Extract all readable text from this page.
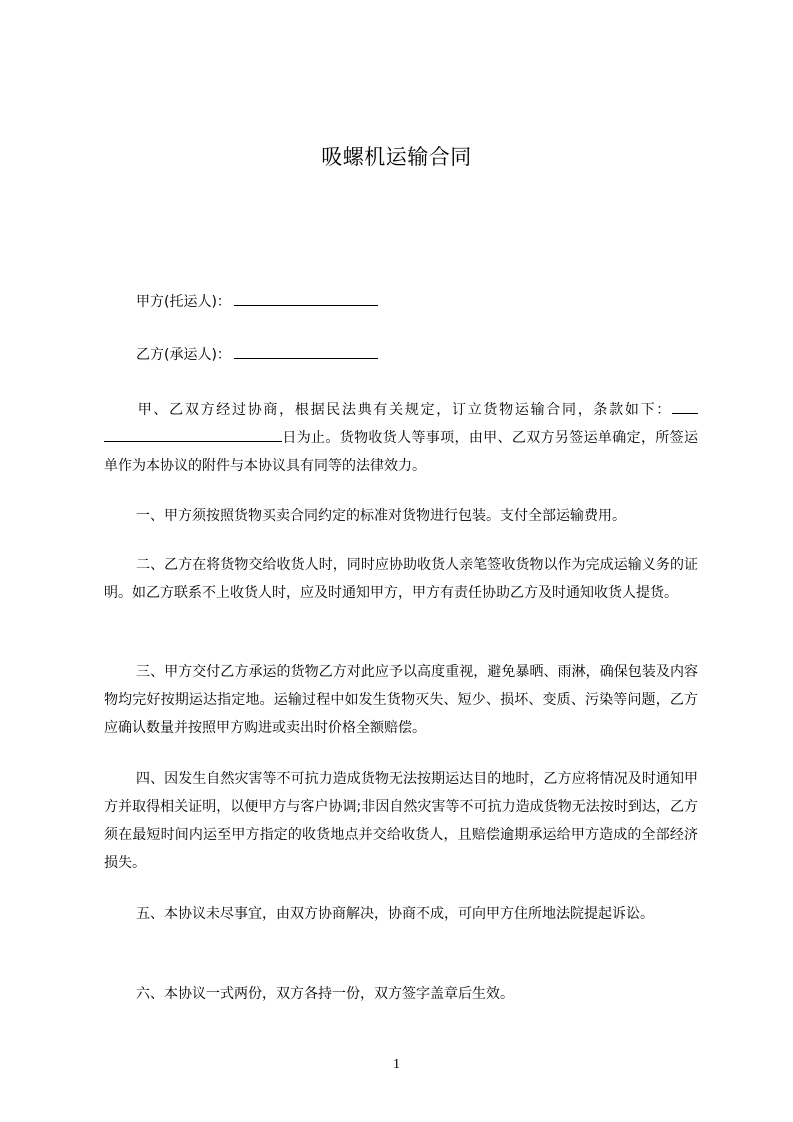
吸螺机运输合同
甲方(托运人)：
乙方(承运人)：
甲、乙双方经过协商，根据民法典有关规定，订立货物运输合同，条款如下：日为止。货物收货人等事项，由甲、乙双方另签运单确定，所签运单作为本协议的附件与本协议具有同等的法律效力。
一、甲方须按照货物买卖合同约定的标准对货物进行包装。支付全部运输费用。
二、乙方在将货物交给收货人时，同时应协助收货人亲笔签收货物以作为完成运输义务的证明。如乙方联系不上收货人时，应及时通知甲方，甲方有责任协助乙方及时通知收货人提货。
三、甲方交付乙方承运的货物乙方对此应予以高度重视，避免暴晒、雨淋，确保包装及内容物均完好按期运达指定地。运输过程中如发生货物灭失、短少、损坏、变质、污染等问题，乙方应确认数量并按照甲方购进或卖出时价格全额赔偿。
四、因发生自然灾害等不可抗力造成货物无法按期运达目的地时，乙方应将情况及时通知甲方并取得相关证明，以便甲方与客户协调;非因自然灾害等不可抗力造成货物无法按时到达，乙方须在最短时间内运至甲方指定的收货地点并交给收货人，且赔偿逾期承运给甲方造成的全部经济损失。
五、本协议未尽事宜，由双方协商解决，协商不成，可向甲方住所地法院提起诉讼。
六、本协议一式两份，双方各持一份，双方签字盖章后生效。
1
